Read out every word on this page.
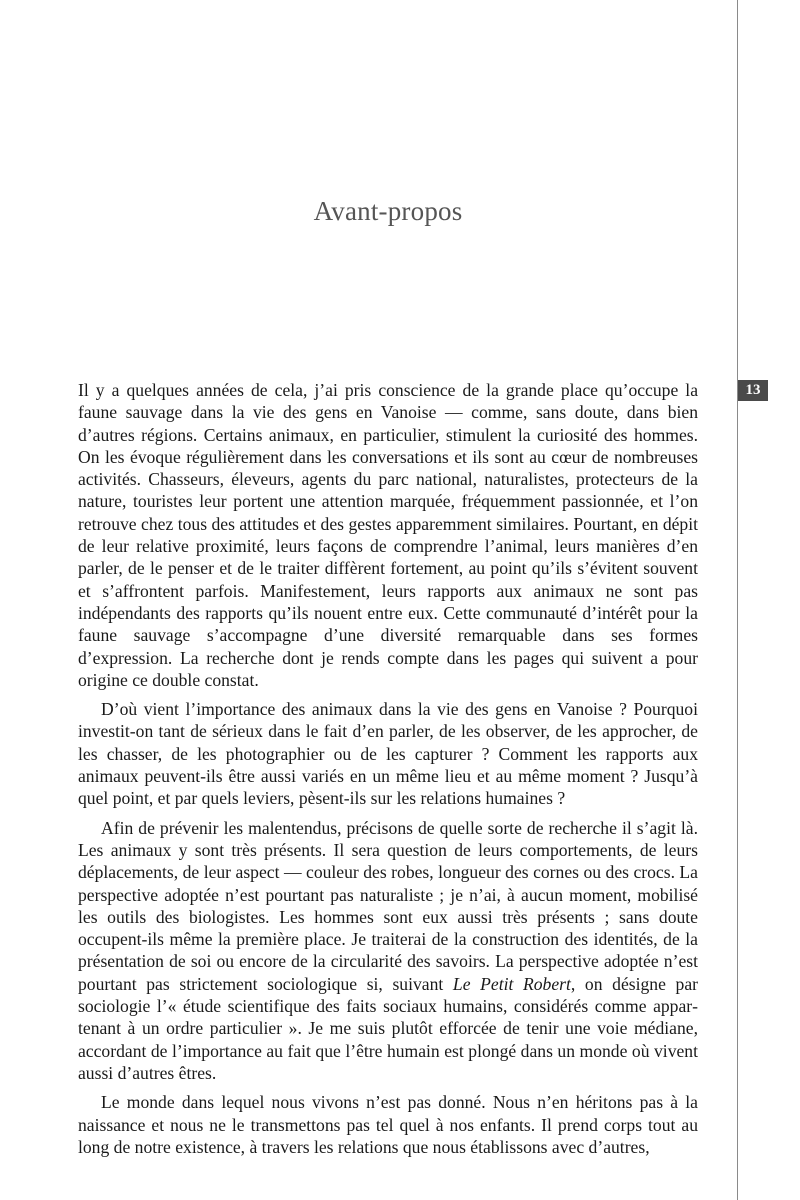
13
Avant-propos

Il y a quelques années de cela, j’ai pris conscience de la grande place qu’occupe la faune sauvage dans la vie des gens en Vanoise — comme, sans doute, dans bien d’autres régions. Certains animaux, en particulier, stimulent la curiosité des hommes. On les évoque régulièrement dans les conversations et ils sont au cœur de nombreuses activités. Chasseurs, éleveurs, agents du parc national, naturalistes, protecteurs de la nature, touristes leur portent une attention marquée, fréquemment passionnée, et l’on retrouve chez tous des attitudes et des gestes apparemment similaires. Pourtant, en dépit de leur relative proximité, leurs façons de comprendre l’animal, leurs manières d’en parler, de le penser et de le traiter diffèrent fortement, au point qu’ils s’évitent souvent et s’affrontent parfois. Manifestement, leurs rapports aux animaux ne sont pas indépendants des rapports qu’ils nouent entre eux. Cette communauté d’intérêt pour la faune sauvage s’accompagne d’une diversité remarquable dans ses formes d’expression. La recherche dont je rends compte dans les pages qui suivent a pour origine ce double constat.

D’où vient l’importance des animaux dans la vie des gens en Vanoise ? Pourquoi investit-on tant de sérieux dans le fait d’en parler, de les observer, de les approcher, de les chasser, de les photographier ou de les capturer ? Comment les rapports aux animaux peuvent-ils être aussi variés en un même lieu et au même moment ? Jusqu’à quel point, et par quels leviers, pèsent-ils sur les relations humaines ?

Afin de prévenir les malentendus, précisons de quelle sorte de recherche il s’agit là. Les animaux y sont très présents. Il sera question de leurs comportements, de leurs déplacements, de leur aspect — couleur des robes, longueur des cornes ou des crocs. La perspective adoptée n’est pourtant pas naturaliste ; je n’ai, à aucun moment, mobilisé les outils des biologistes. Les hommes sont eux aussi très présents ; sans doute occupent-ils même la première place. Je traiterai de la construction des identités, de la présentation de soi ou encore de la circularité des savoirs. La perspective adoptée n’est pourtant pas strictement sociologique si, suivant Le Petit Robert, on désigne par sociologie l’« étude scientifique des faits sociaux humains, considérés comme appartenant à un ordre particulier ». Je me suis plutôt efforcée de tenir une voie médiane, accordant de l’importance au fait que l’être humain est plongé dans un monde où vivent aussi d’autres êtres.

Le monde dans lequel nous vivons n’est pas donné. Nous n’en héritons pas à la naissance et nous ne le transmettons pas tel quel à nos enfants. Il prend corps tout au long de notre existence, à travers les relations que nous établissons avec d’autres,
